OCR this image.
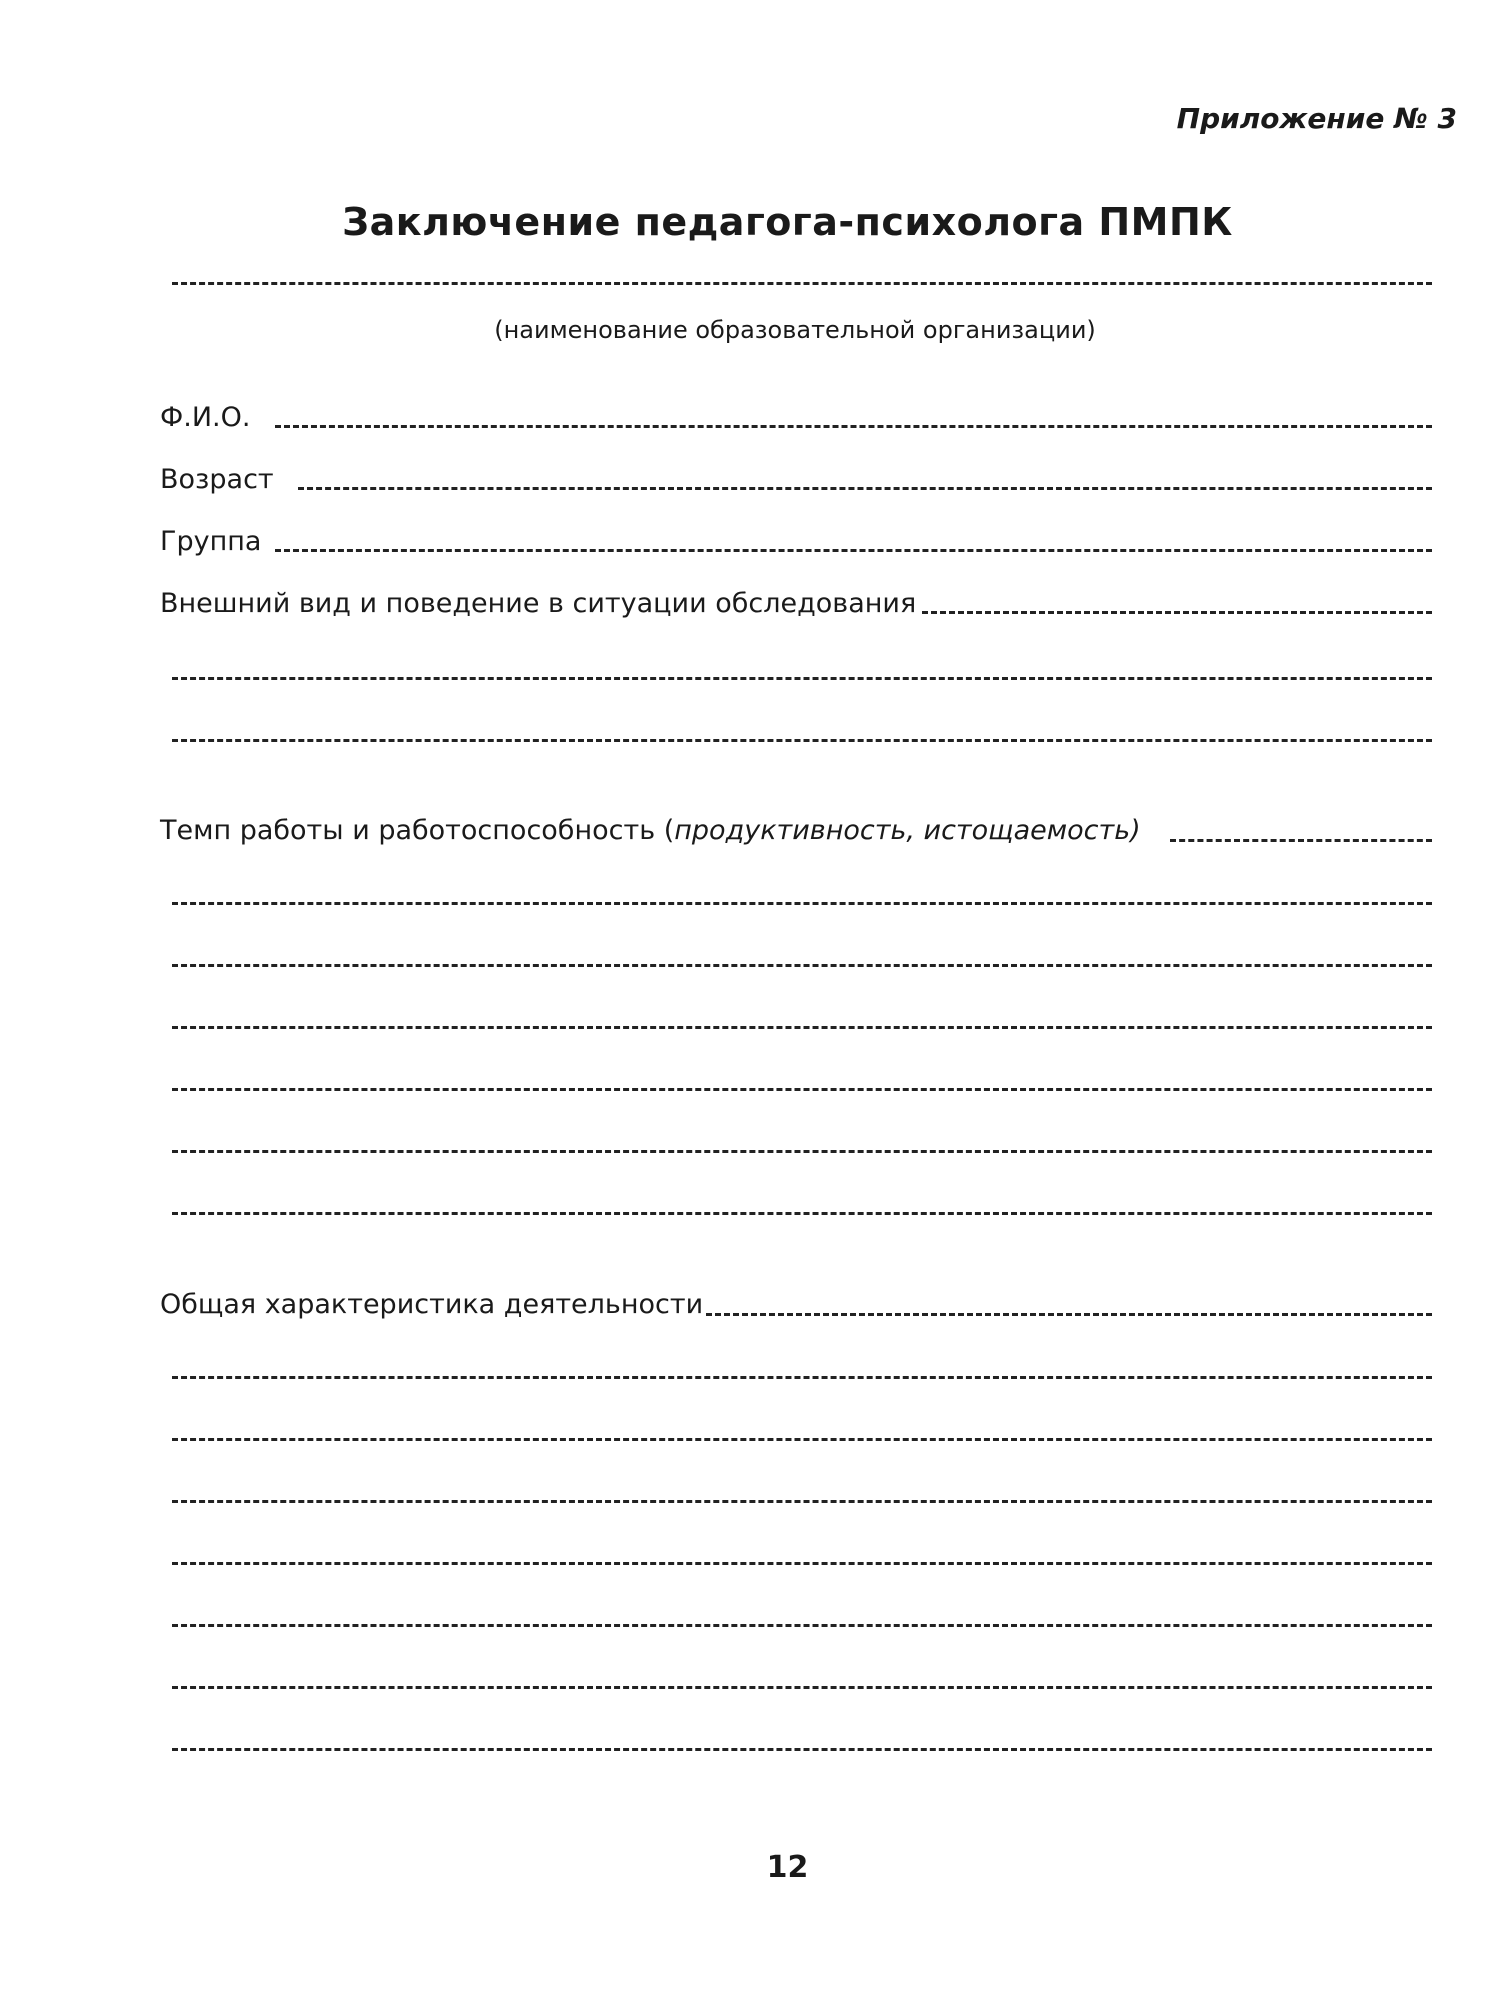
Приложение № 3
Заключение педагога-психолога ПМПК
(наименование образовательной организации)
Ф.И.О.
Возраст
Группа
Внешний вид и поведение в ситуации обследования
Темп работы и работоспособность (продуктивность, истощаемость)
Общая характеристика деятельности
12
